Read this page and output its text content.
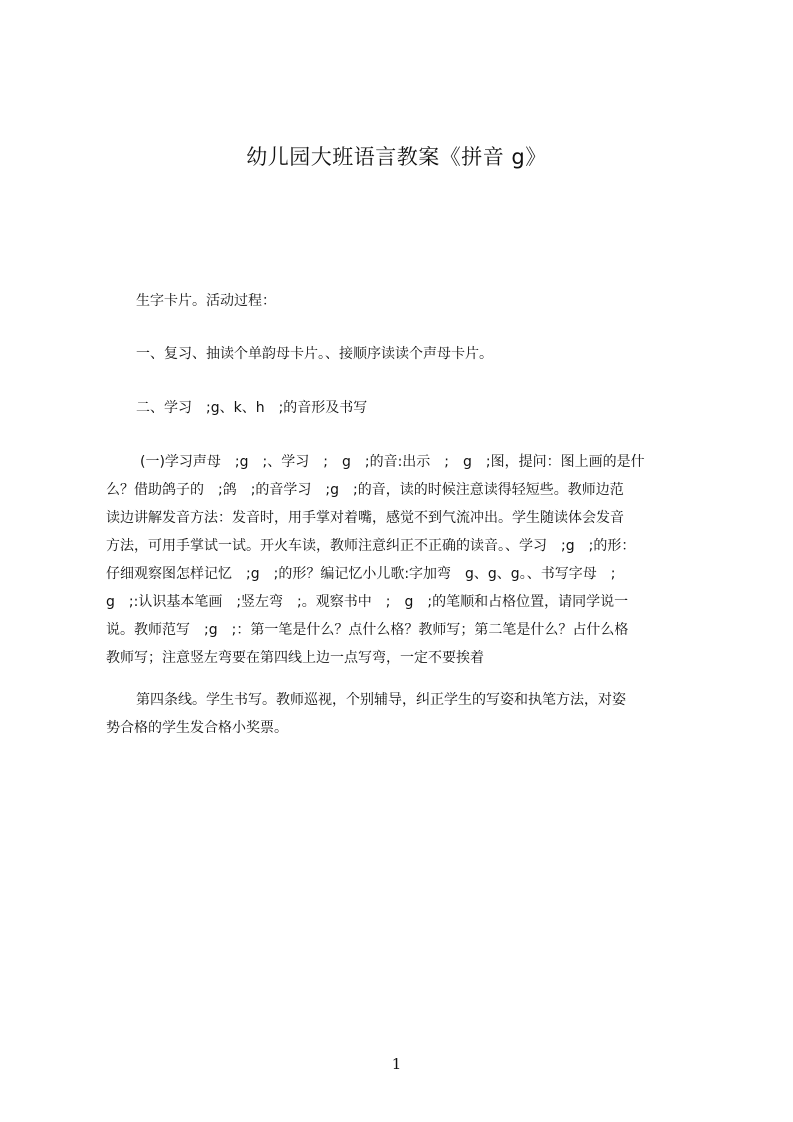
幼儿园大班语言教案《拼音 g》
生字卡片。活动过程：
一、复习、抽读个单韵母卡片。、接顺序读读个声母卡片。
二、学习　;g、k、h　;的音形及书写
(一)学习声母　;g　;、学习　;　g　;的音:出示　;　g　;图，提问：图上画的是什
么？借助鸽子的　;鸽　;的音学习　;g　;的音，读的时候注意读得轻短些。教师边范
读边讲解发音方法：发音时，用手掌对着嘴，感觉不到气流冲出。学生随读体会发音
方法，可用手掌试一试。开火车读，教师注意纠正不正确的读音。、学习　;g　;的形：
仔细观察图怎样记忆　;g　;的形？编记忆小儿歌:字加弯　g、g、g。、书写字母　;
g　;:认识基本笔画　;竖左弯　;。观察书中　;　g　;的笔顺和占格位置，请同学说一
说。教师范写　;g　;：第一笔是什么？点什么格？教师写；第二笔是什么？占什么格
教师写；注意竖左弯要在第四线上边一点写弯，一定不要挨着
第四条线。学生书写。教师巡视，个别辅导，纠正学生的写姿和执笔方法，对姿
势合格的学生发合格小奖票。
1
